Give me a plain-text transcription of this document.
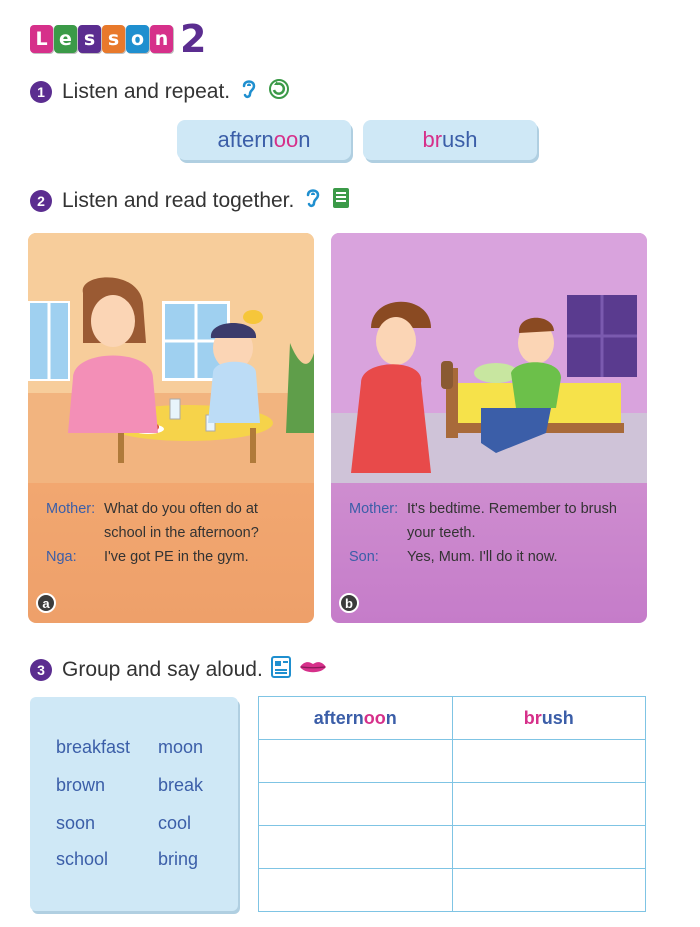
L e s s o n 2
1 Listen and repeat.
aftern oo n	br ush
2 Listen and read together.
Mother: What do you often do at
school in the afternoon?
Nga:	I've got PE in the gym.
a
Mother: It's bedtime. Remember to brush
your teeth.
Son:	Yes, Mum. I'll do it now.
b
3 Group and say aloud.
breakfast moon
brown	break
soon	cool
school	bring
afternoon	brush
